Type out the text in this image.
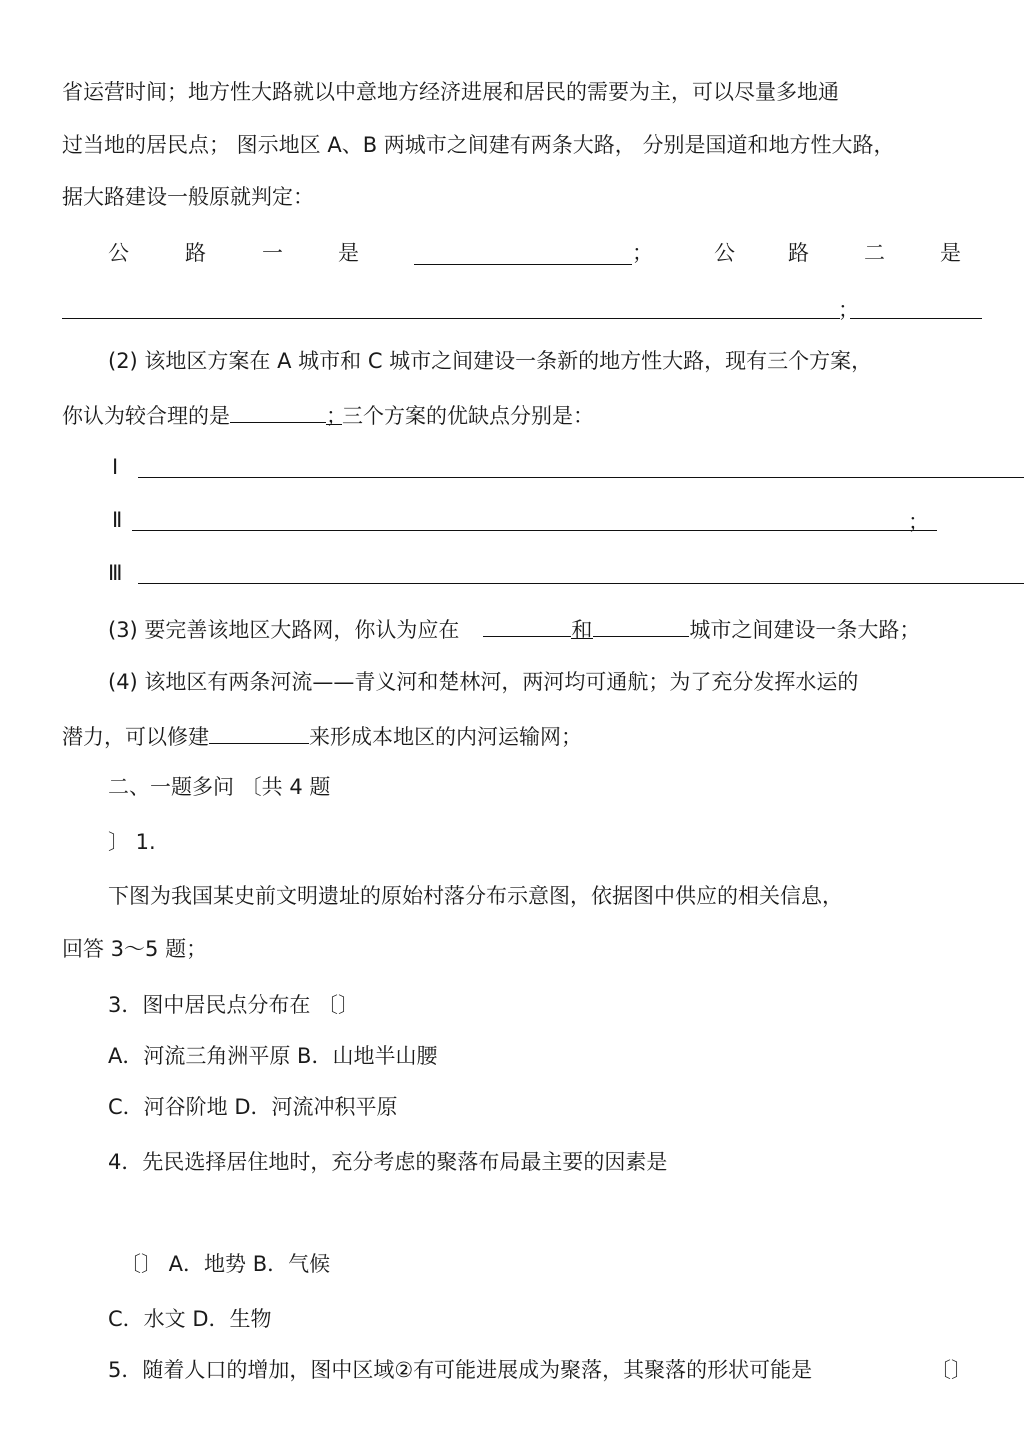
省运营时间；地方性大路就以中意地方经济进展和居民的需要为主，可以尽量多地通
过当地的居民点； 图示地区 A、B 两城市之间建有两条大路， 分别是国道和地方性大路，
据大路建设一般原就判定：
公	路	一	是	；	公	路	二	是
；
(2) 该地区方案在 A 城市和 C 城市之间建设一条新的地方性大路，现有三个方案，
你认为较合理的是	；三个方案的优缺点分别是：
Ⅰ
Ⅱ	；
Ⅲ
(3) 要完善该地区大路网，你认为应在	和	城市之间建设一条大路；
(4) 该地区有两条河流——青义河和楚林河，两河均可通航；为了充分发挥水运的
潜力，可以修建	来形成本地区的内河运输网；
二、一题多问 〔共 4 题
〕 1.
下图为我国某史前文明遗址的原始村落分布示意图，依据图中供应的相关信息，
回答 3～5 题；
3．图中居民点分布在 〔〕
A．河流三角洲平原 B．山地半山腰
C．河谷阶地 D．河流冲积平原
4．先民选择居住地时，充分考虑的聚落布局最主要的因素是
〔〕 A．地势 B．气候
C．水文 D．生物
5．随着人口的增加，图中区域②有可能进展成为聚落，其聚落的形状可能是	〔〕
